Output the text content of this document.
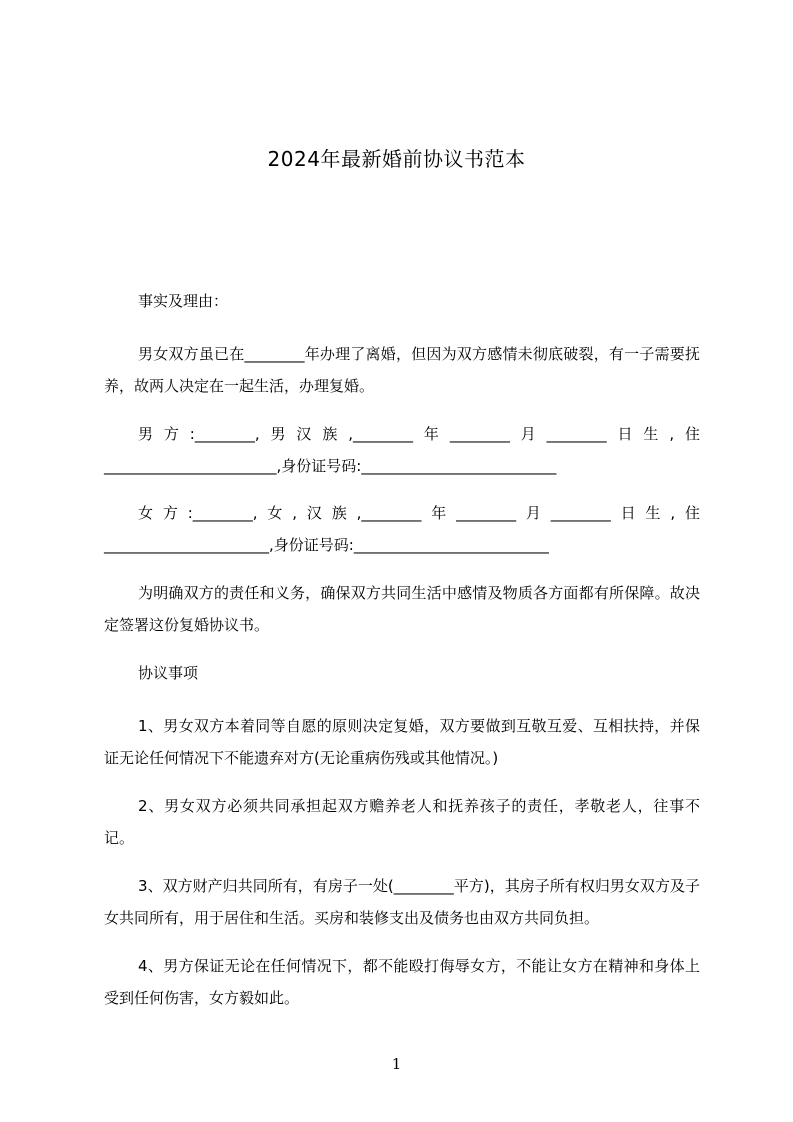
2024年最新婚前协议书范本

事实及理由：

男女双方虽已在________年办理了离婚，但因为双方感情未彻底破裂，有一子需要抚养，故两人决定在一起生活，办理复婚。

男方:________,男汉族,________年________月________日生,住_______________________,身份证号码:__________________________

女方:________,女,汉族,________年________月________日生,住______________________,身份证号码:__________________________

为明确双方的责任和义务，确保双方共同生活中感情及物质各方面都有所保障。故决定签署这份复婚协议书。

协议事项

1、男女双方本着同等自愿的原则决定复婚，双方要做到互敬互爱、互相扶持，并保证无论任何情况下不能遗弃对方(无论重病伤残或其他情况。)

2、男女双方必须共同承担起双方赡养老人和抚养孩子的责任，孝敬老人，往事不记。

3、双方财产归共同所有，有房子一处(________平方)，其房子所有权归男女双方及子女共同所有，用于居住和生活。买房和装修支出及债务也由双方共同负担。

4、男方保证无论在任何情况下，都不能殴打侮辱女方，不能让女方在精神和身体上受到任何伤害，女方毅如此。

1
